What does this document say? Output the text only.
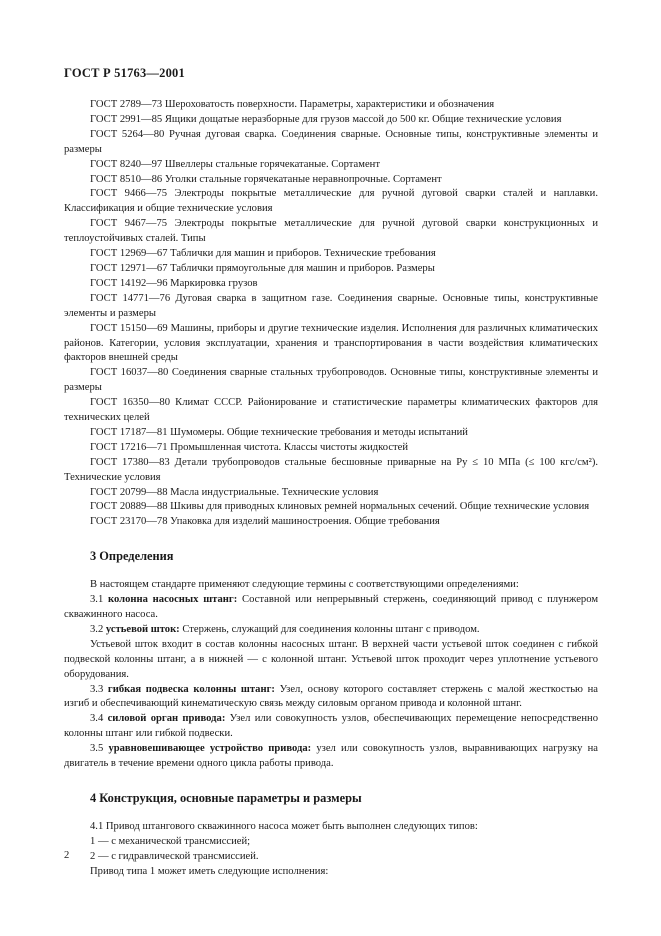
ГОСТ Р 51763—2001

ГОСТ 2789—73 Шероховатость поверхности. Параметры, характеристики и обозначения

ГОСТ 2991—85 Ящики дощатые неразборные для грузов массой до 500 кг. Общие технические условия

ГОСТ 5264—80 Ручная дуговая сварка. Соединения сварные. Основные типы, конструктивные элементы и размеры

ГОСТ 8240—97 Швеллеры стальные горячекатаные. Сортамент

ГОСТ 8510—86 Уголки стальные горячекатаные неравнопрочные. Сортамент

ГОСТ 9466—75 Электроды покрытые металлические для ручной дуговой сварки сталей и наплавки. Классификация и общие технические условия

ГОСТ 9467—75 Электроды покрытые металлические для ручной дуговой сварки конструкционных и теплоустойчивых сталей. Типы

ГОСТ 12969—67 Таблички для машин и приборов. Технические требования

ГОСТ 12971—67 Таблички прямоугольные для машин и приборов. Размеры

ГОСТ 14192—96 Маркировка грузов

ГОСТ 14771—76 Дуговая сварка в защитном газе. Соединения сварные. Основные типы, конструктивные элементы и размеры

ГОСТ 15150—69 Машины, приборы и другие технические изделия. Исполнения для различных климатических районов. Категории, условия эксплуатации, хранения и транспортирования в части воздействия климатических факторов внешней среды

ГОСТ 16037—80 Соединения сварные стальных трубопроводов. Основные типы, конструктивные элементы и размеры

ГОСТ 16350—80 Климат СССР. Районирование и статистические параметры климатических факторов для технических целей

ГОСТ 17187—81 Шумомеры. Общие технические требования и методы испытаний

ГОСТ 17216—71 Промышленная чистота. Классы чистоты жидкостей

ГОСТ 17380—83 Детали трубопроводов стальные бесшовные приварные на Pу ≤ 10 МПа (≤ 100 кгс/см²). Технические условия

ГОСТ 20799—88 Масла индустриальные. Технические условия

ГОСТ 20889—88 Шкивы для приводных клиновых ремней нормальных сечений. Общие технические условия

ГОСТ 23170—78 Упаковка для изделий машиностроения. Общие требования

3 Определения

В настоящем стандарте применяют следующие термины с соответствующими определениями:

3.1 колонна насосных штанг: Составной или непрерывный стержень, соединяющий привод с плунжером скважинного насоса.

3.2 устьевой шток: Стержень, служащий для соединения колонны штанг с приводом.

Устьевой шток входит в состав колонны насосных штанг. В верхней части устьевой шток соединен с гибкой подвеской колонны штанг, а в нижней — с колонной штанг. Устьевой шток проходит через уплотнение устьевого оборудования.

3.3 гибкая подвеска колонны штанг: Узел, основу которого составляет стержень с малой жесткостью на изгиб и обеспечивающий кинематическую связь между силовым органом привода и колонной штанг.

3.4 силовой орган привода: Узел или совокупность узлов, обеспечивающих перемещение непосредственно колонны штанг или гибкой подвески.

3.5 уравновешивающее устройство привода: узел или совокупность узлов, выравнивающих нагрузку на двигатель в течение времени одного цикла работы привода.

4 Конструкция, основные параметры и размеры

4.1 Привод штангового скважинного насоса может быть выполнен следующих типов:

1 — с механической трансмиссией;

2 — с гидравлической трансмиссией.

Привод типа 1 может иметь следующие исполнения:

2
